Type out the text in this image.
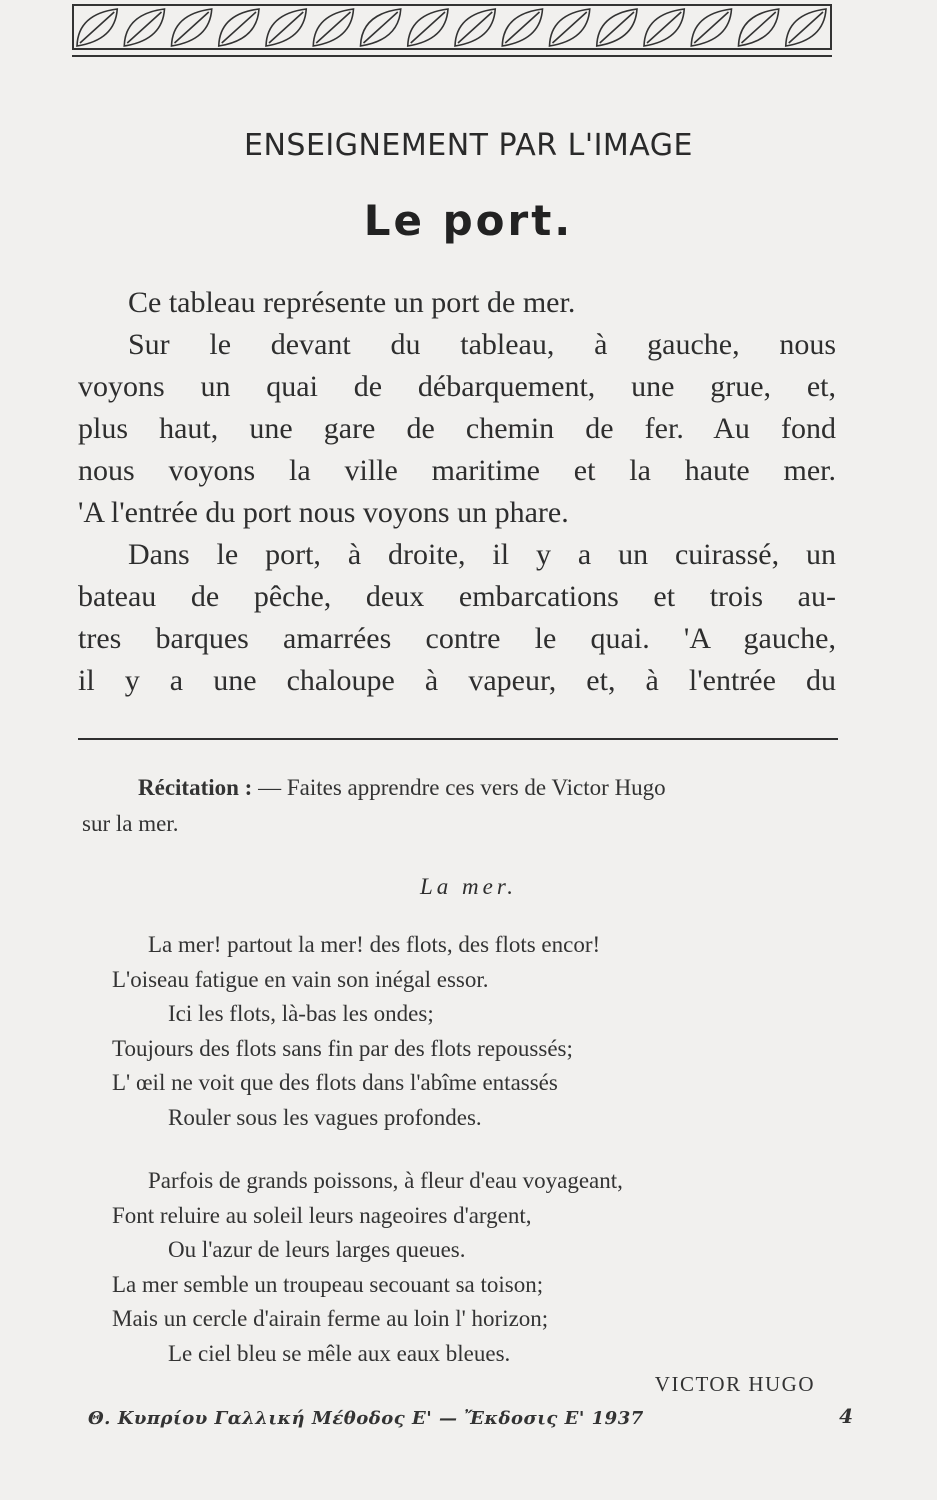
ENSEIGNEMENT PAR L'IMAGE
Le port.
Ce tableau représente un port de mer.
Sur le devant du tableau, à gauche, nous
voyons un quai de débarquement, une grue, et,
plus haut, une gare de chemin de fer. Au fond
nous voyons la ville maritime et la haute mer.
'A l'entrée du port nous voyons un phare.
Dans le port, à droite, il y a un cuirassé, un
bateau de pêche, deux embarcations et trois au-
tres barques amarrées contre le quai. 'A gauche,
il y a une chaloupe à vapeur, et, à l'entrée du
Récitation : — Faites apprendre ces vers de Victor Hugo
sur la mer.
La mer.
La mer! partout la mer! des flots, des flots encor!
L'oiseau fatigue en vain son inégal essor.
Ici les flots, là-bas les ondes;
Toujours des flots sans fin par des flots repoussés;
L' œil ne voit que des flots dans l'abîme entassés
Rouler sous les vagues profondes.
Parfois de grands poissons, à fleur d'eau voyageant,
Font reluire au soleil leurs nageoires d'argent,
Ou l'azur de leurs larges queues.
La mer semble un troupeau secouant sa toison;
Mais un cercle d'airain ferme au loin l' horizon;
Le ciel bleu se mêle aux eaux bleues.
VICTOR HUGO
Θ. Κυπρίου Γαλλική Μέθοδος Ε' — Ἔκδοσις Ε' 1937	4
